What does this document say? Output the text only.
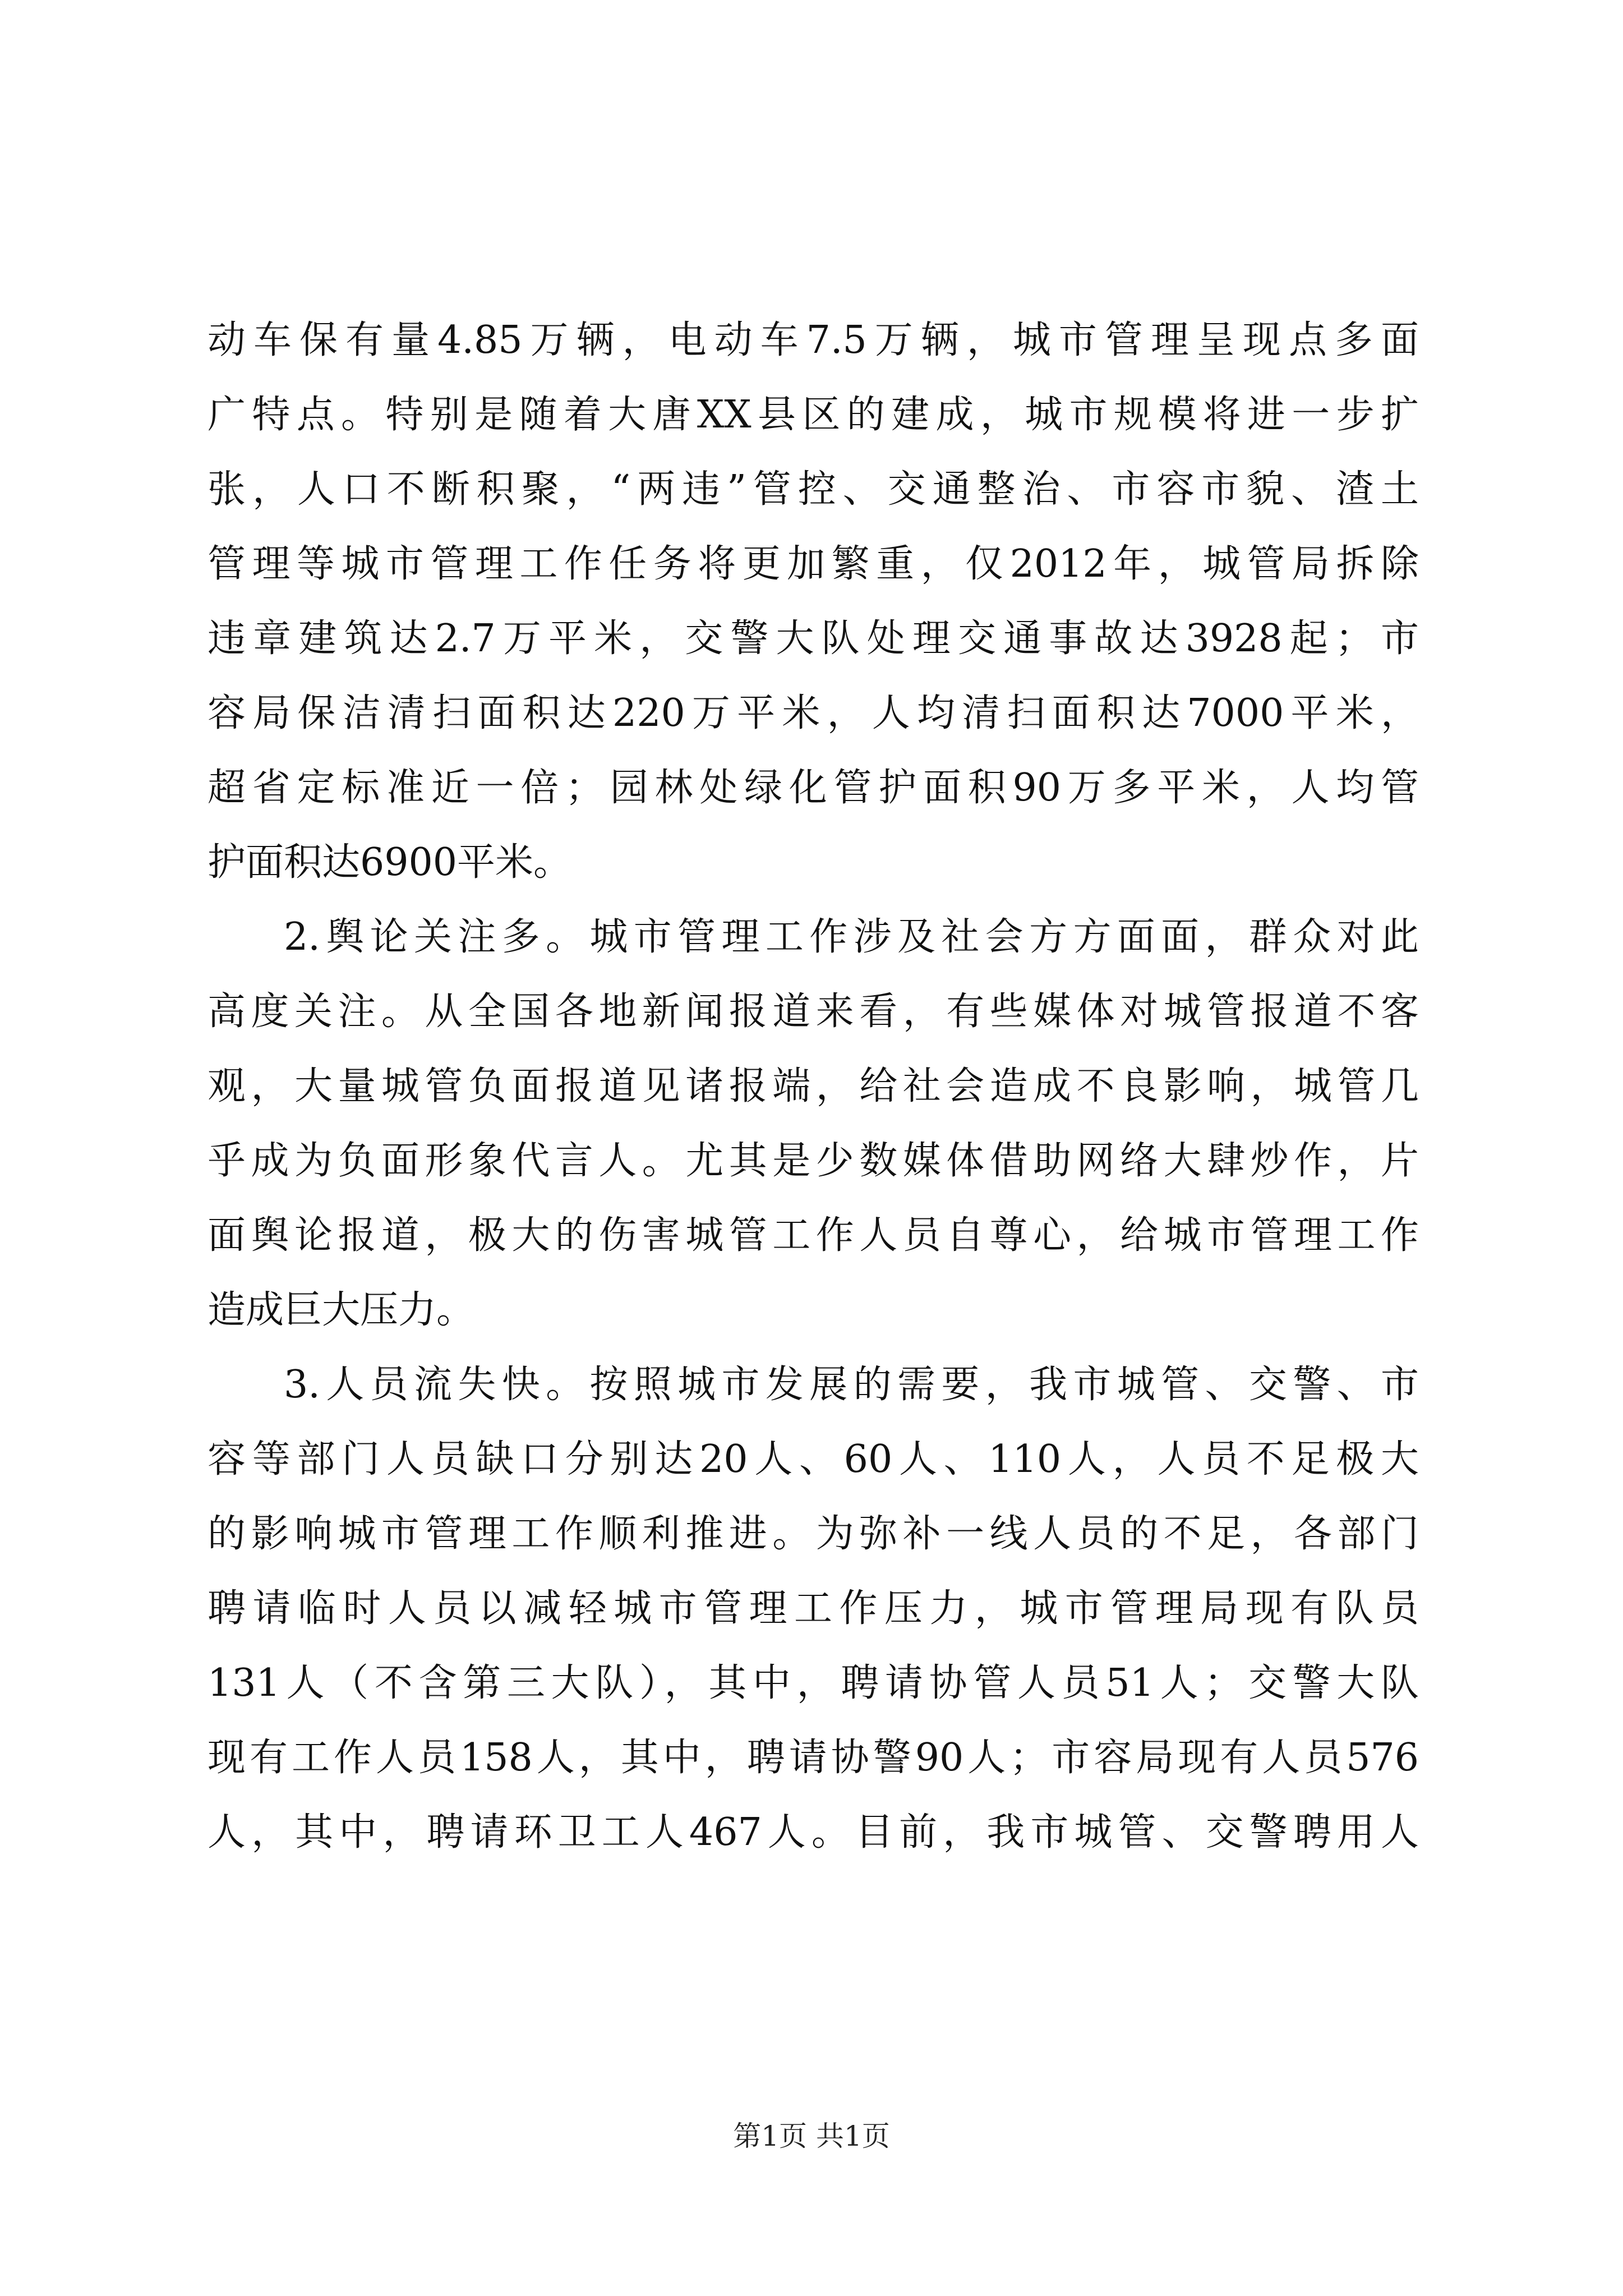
动车保有量4.85万辆，电动车7.5万辆，城市管理呈现点多面
广特点。特别是随着大唐XX县区的建成，城市规模将进一步扩
张，人口不断积聚，“两违”管控、交通整治、市容市貌、渣土
管理等城市管理工作任务将更加繁重，仅2012年，城管局拆除
违章建筑达2.7万平米，交警大队处理交通事故达3928起；市
容局保洁清扫面积达220万平米，人均清扫面积达7000平米，
超省定标准近一倍；园林处绿化管护面积90万多平米，人均管
护面积达6900平米。
2.舆论关注多。城市管理工作涉及社会方方面面，群众对此
高度关注。从全国各地新闻报道来看，有些媒体对城管报道不客
观，大量城管负面报道见诸报端，给社会造成不良影响，城管几
乎成为负面形象代言人。尤其是少数媒体借助网络大肆炒作，片
面舆论报道，极大的伤害城管工作人员自尊心，给城市管理工作
造成巨大压力。
3.人员流失快。按照城市发展的需要，我市城管、交警、市
容等部门人员缺口分别达20人、60人、110人，人员不足极大
的影响城市管理工作顺利推进。为弥补一线人员的不足，各部门
聘请临时人员以减轻城市管理工作压力，城市管理局现有队员
131人（不含第三大队），其中，聘请协管人员51人；交警大队
现有工作人员158人，其中，聘请协警90人；市容局现有人员576
人，其中，聘请环卫工人467人。目前，我市城管、交警聘用人
第1页 共1页
